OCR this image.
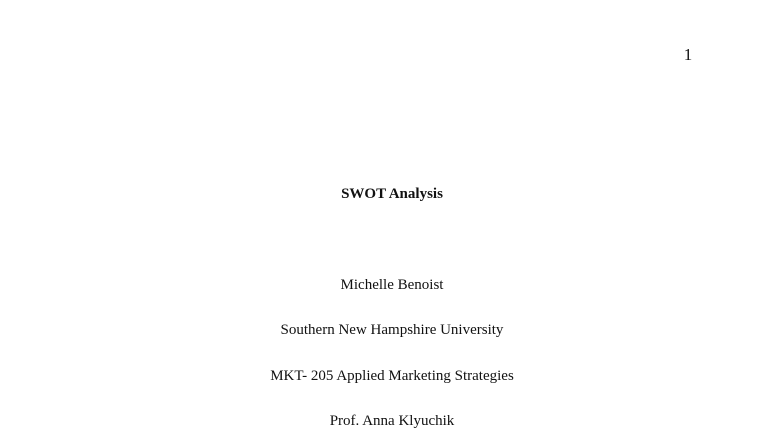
1
SWOT Analysis
Michelle Benoist
Southern New Hampshire University
MKT- 205 Applied Marketing Strategies
Prof. Anna Klyuchik
